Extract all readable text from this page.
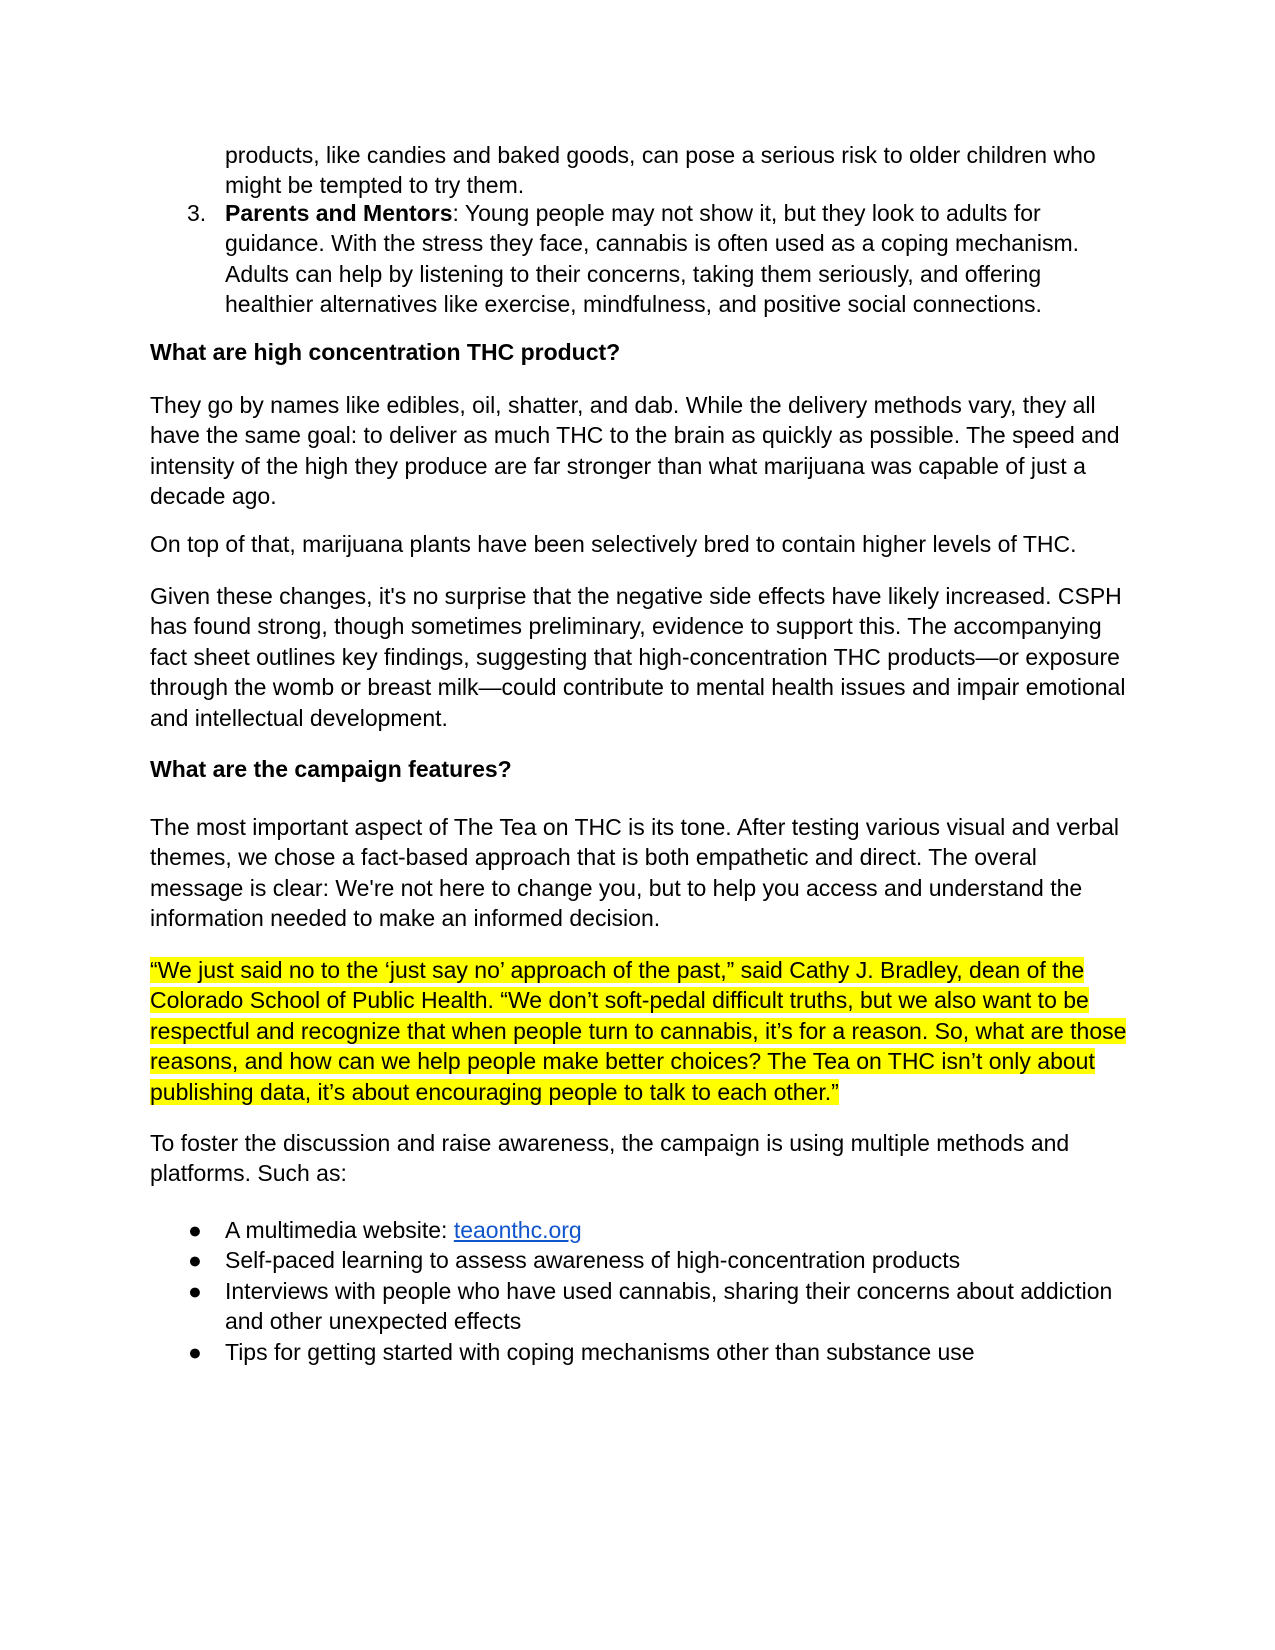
products, like candies and baked goods, can pose a serious risk to older children who might be tempted to try them.
3. Parents and Mentors: Young people may not show it, but they look to adults for guidance. With the stress they face, cannabis is often used as a coping mechanism. Adults can help by listening to their concerns, taking them seriously, and offering healthier alternatives like exercise, mindfulness, and positive social connections.
What are high concentration THC product?
They go by names like edibles, oil, shatter, and dab. While the delivery methods vary, they all have the same goal: to deliver as much THC to the brain as quickly as possible. The speed and intensity of the high they produce are far stronger than what marijuana was capable of just a decade ago.
On top of that, marijuana plants have been selectively bred to contain higher levels of THC.
Given these changes, it's no surprise that the negative side effects have likely increased. CSPH has found strong, though sometimes preliminary, evidence to support this. The accompanying fact sheet outlines key findings, suggesting that high-concentration THC products—or exposure through the womb or breast milk—could contribute to mental health issues and impair emotional and intellectual development.
What are the campaign features?
The most important aspect of The Tea on THC is its tone. After testing various visual and verbal themes, we chose a fact-based approach that is both empathetic and direct. The overal message is clear: We're not here to change you, but to help you access and understand the information needed to make an informed decision.
“We just said no to the ‘just say no’ approach of the past,” said Cathy J. Bradley, dean of the Colorado School of Public Health. “We don’t soft-pedal difficult truths, but we also want to be respectful and recognize that when people turn to cannabis, it’s for a reason. So, what are those reasons, and how can we help people make better choices? The Tea on THC isn’t only about publishing data, it’s about encouraging people to talk to each other.”
To foster the discussion and raise awareness, the campaign is using multiple methods and platforms. Such as:
● A multimedia website: teaonthc.org
● Self-paced learning to assess awareness of high-concentration products
● Interviews with people who have used cannabis, sharing their concerns about addiction and other unexpected effects
● Tips for getting started with coping mechanisms other than substance use
